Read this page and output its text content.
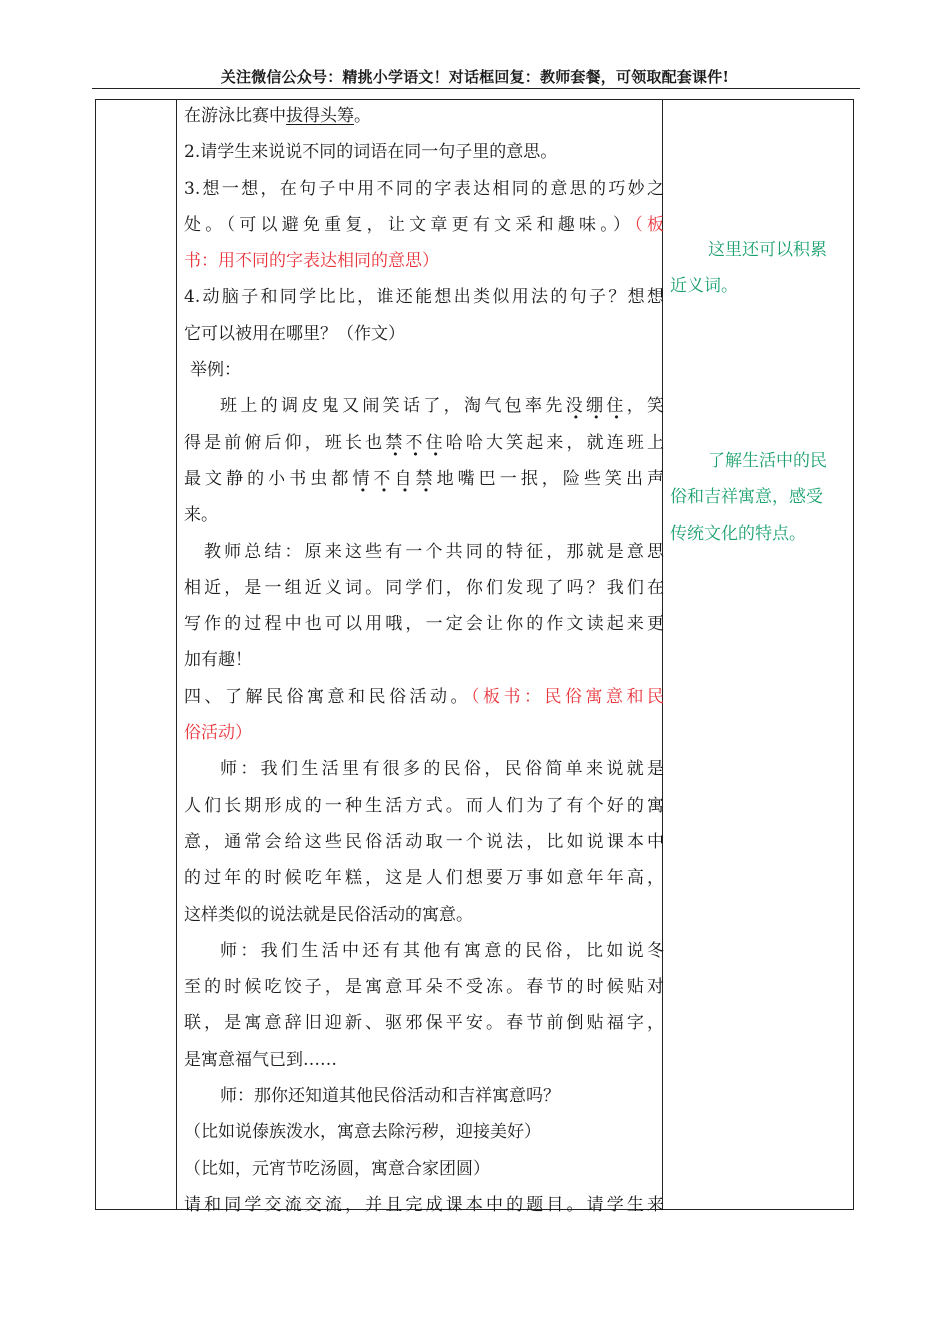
关注微信公众号：精挑小学语文！对话框回复：教师套餐，可领取配套课件!
在游泳比赛中拔得头筹。
2.请学生来说说不同的词语在同一句子里的意思。
3.想一想，在句子中用不同的字表达相同的意思的巧妙之
处。（可以避免重复，让文章更有文采和趣味。）（板
书：用不同的字表达相同的意思）
4.动脑子和同学比比，谁还能想出类似用法的句子？想想
它可以被用在哪里？（作文）
举例：
班上的调皮鬼又闹笑话了，淘气包率先没绷住，笑
得是前俯后仰，班长也禁不住哈哈大笑起来，就连班上
最文静的小书虫都情不自禁地嘴巴一抿，险些笑出声
来。
教师总结：原来这些有一个共同的特征，那就是意思
相近，是一组近义词。同学们，你们发现了吗？我们在
写作的过程中也可以用哦，一定会让你的作文读起来更
加有趣！
四、了解民俗寓意和民俗活动。（板书：民俗寓意和民
俗活动）
师：我们生活里有很多的民俗，民俗简单来说就是
人们长期形成的一种生活方式。而人们为了有个好的寓
意，通常会给这些民俗活动取一个说法，比如说课本中
的过年的时候吃年糕，这是人们想要万事如意年年高，
这样类似的说法就是民俗活动的寓意。
师：我们生活中还有其他有寓意的民俗，比如说冬
至的时候吃饺子，是寓意耳朵不受冻。春节的时候贴对
联，是寓意辞旧迎新、驱邪保平安。春节前倒贴福字，
是寓意福气已到……
师：那你还知道其他民俗活动和吉祥寓意吗？
（比如说傣族泼水，寓意去除污秽，迎接美好）
（比如，元宵节吃汤圆，寓意合家团圆）
请和同学交流交流，并且完成课本中的题目。请学生来
这里还可以积累
近义词。
了解生活中的民
俗和吉祥寓意，感受
传统文化的特点。
